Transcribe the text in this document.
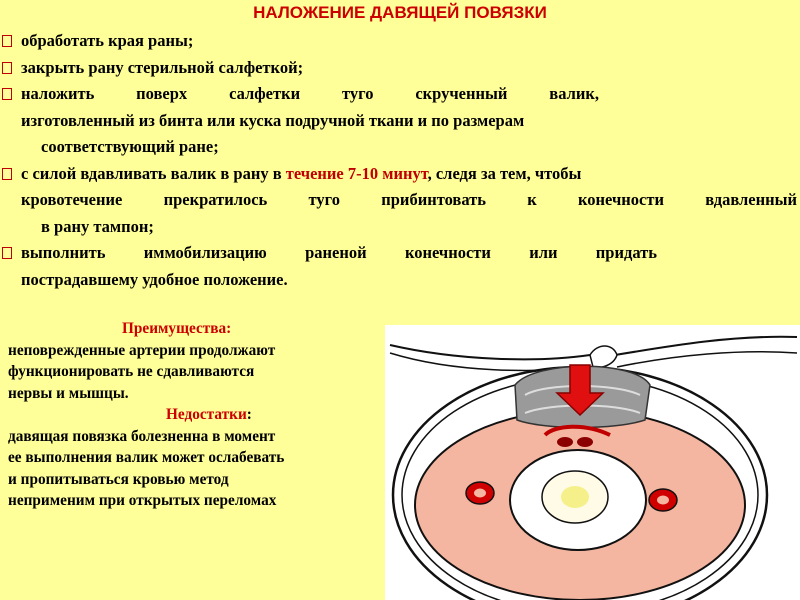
НАЛОЖЕНИЕ ДАВЯЩЕЙ ПОВЯЗКИ
обработать края раны;
закрыть рану стерильной салфеткой;
наложить поверх салфетки туго скрученный валик,
изготовленный из бинта или куска подручной ткани и по размерам
соответствующий ране;
с силой вдавливать валик в рану в течение 7-10 минут, следя за тем, чтобы
кровотечение прекратилось туго прибинтовать к конечности вдавленный
в рану тампон;
выполнить иммобилизацию раненой конечности или придать
пострадавшему удобное положение.
Преимущества:
неповрежденные артерии продолжают
функционировать не сдавливаются
нервы и мышцы.
Недостатки:
давящая повязка болезненна в момент
ее выполнения валик может ослабевать
и пропитываться кровью метод
неприменим при открытых переломах
